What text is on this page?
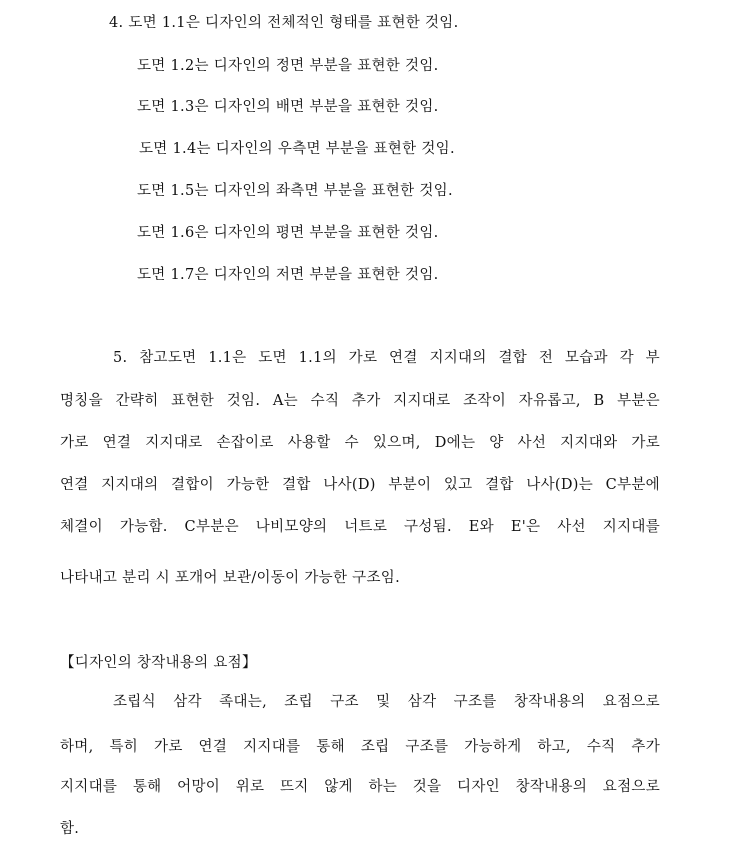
4. 도면 1.1은 디자인의 전체적인 형태를 표현한 것임.
도면 1.2는 디자인의 정면 부분을 표현한 것임.
도면 1.3은 디자인의 배면 부분을 표현한 것임.
도면 1.4는 디자인의 우측면 부분을 표현한 것임.
도면 1.5는 디자인의 좌측면 부분을 표현한 것임.
도면 1.6은 디자인의 평면 부분을 표현한 것임.
도면 1.7은 디자인의 저면 부분을 표현한 것임.
5. 참고도면 1.1은 도면 1.1의 가로 연결 지지대의 결합 전 모습과 각 부
명칭을 간략히 표현한 것임. A는 수직 추가 지지대로 조작이 자유롭고, B 부분은
가로 연결 지지대로 손잡이로 사용할 수 있으며, D에는 양 사선 지지대와 가로
연결 지지대의 결합이 가능한 결합 나사(D) 부분이 있고 결합 나사(D)는 C부분에
체결이 가능함. C부분은 나비모양의 너트로 구성됨. E와 E'은 사선 지지대를
나타내고 분리 시 포개어 보관/이동이 가능한 구조임.
【디자인의 창작내용의 요점】
조립식 삼각 족대는, 조립 구조 및 삼각 구조를 창작내용의 요점으로
하며, 특히 가로 연결 지지대를 통해 조립 구조를 가능하게 하고, 수직 추가
지지대를 통해 어망이 위로 뜨지 않게 하는 것을 디자인 창작내용의 요점으로
함.
